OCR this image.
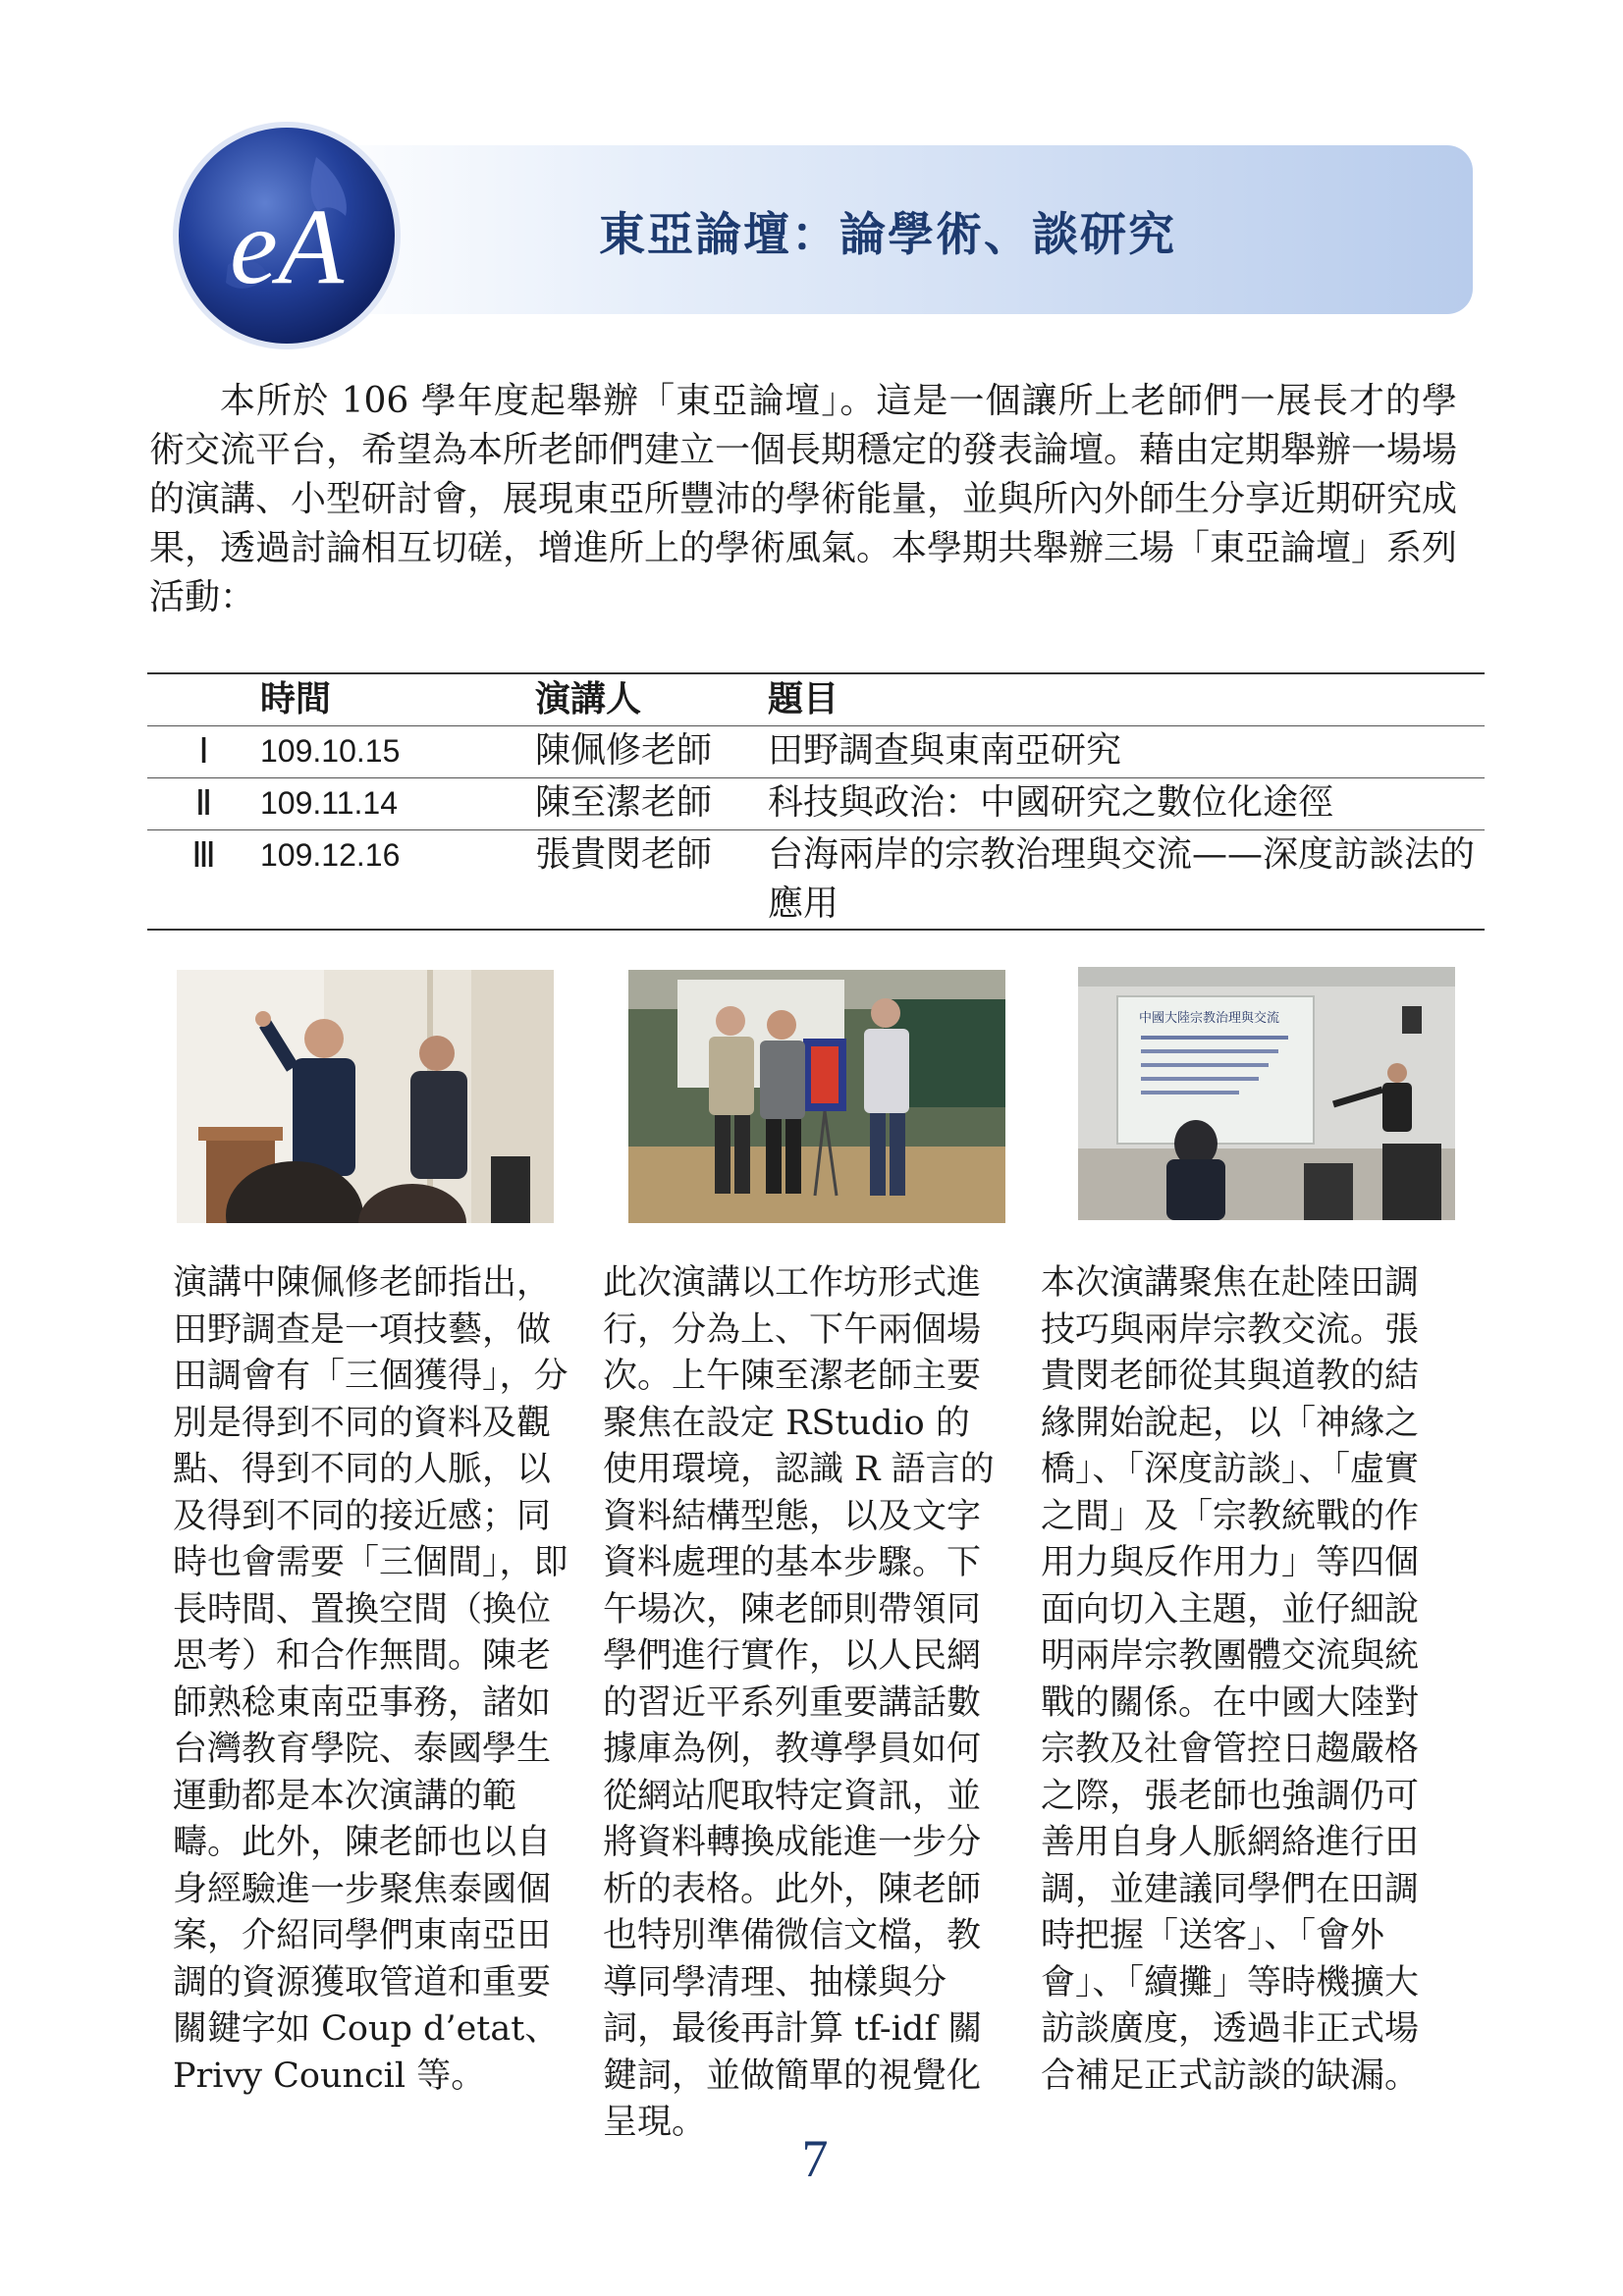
eA	東亞論壇：論學術、談研究

本所於 106 學年度起舉辦「東亞論壇」。這是一個讓所上老師們一展長才的學術交流平台，希望為本所老師們建立一個長期穩定的發表論壇。藉由定期舉辦一場場的演講、小型研討會，展現東亞所豐沛的學術能量，並與所內外師生分享近期研究成果，透過討論相互切磋，增進所上的學術風氣。本學期共舉辦三場「東亞論壇」系列活動：

	時間	演講人	題目
Ⅰ	109.10.15	陳佩修老師	田野調查與東南亞研究
Ⅱ	109.11.14	陳至潔老師	科技與政治：中國研究之數位化途徑
Ⅲ	109.12.16	張貴閔老師	台海兩岸的宗教治理與交流——深度訪談法的應用
中國大陸宗教治理與交流

演講中陳佩修老師指出，田野調查是一項技藝，做田調會有「三個獲得」，分別是得到不同的資料及觀點、得到不同的人脈，以及得到不同的接近感；同時也會需要「三個間」，即長時間、置換空間（換位思考）和合作無間。陳老師熟稔東南亞事務，諸如台灣教育學院、泰國學生運動都是本次演講的範疇。此外，陳老師也以自身經驗進一步聚焦泰國個案，介紹同學們東南亞田調的資源獲取管道和重要關鍵字如 Coup d’etat、Privy Council 等。

此次演講以工作坊形式進行，分為上、下午兩個場次。上午陳至潔老師主要聚焦在設定 RStudio 的使用環境，認識 R 語言的資料結構型態，以及文字資料處理的基本步驟。下午場次，陳老師則帶領同學們進行實作，以人民網的習近平系列重要講話數據庫為例，教導學員如何從網站爬取特定資訊，並將資料轉換成能進一步分析的表格。此外，陳老師也特別準備微信文檔，教導同學清理、抽樣與分詞，最後再計算 tf-idf 關鍵詞，並做簡單的視覺化呈現。

本次演講聚焦在赴陸田調技巧與兩岸宗教交流。張貴閔老師從其與道教的結緣開始說起，以「神緣之橋」、「深度訪談」、「虛實之間」及「宗教統戰的作用力與反作用力」等四個面向切入主題，並仔細說明兩岸宗教團體交流與統戰的關係。在中國大陸對宗教及社會管控日趨嚴格之際，張老師也強調仍可善用自身人脈網絡進行田調，並建議同學們在田調時把握「送客」、「會外會」、「續攤」等時機擴大訪談廣度，透過非正式場合補足正式訪談的缺漏。

7
